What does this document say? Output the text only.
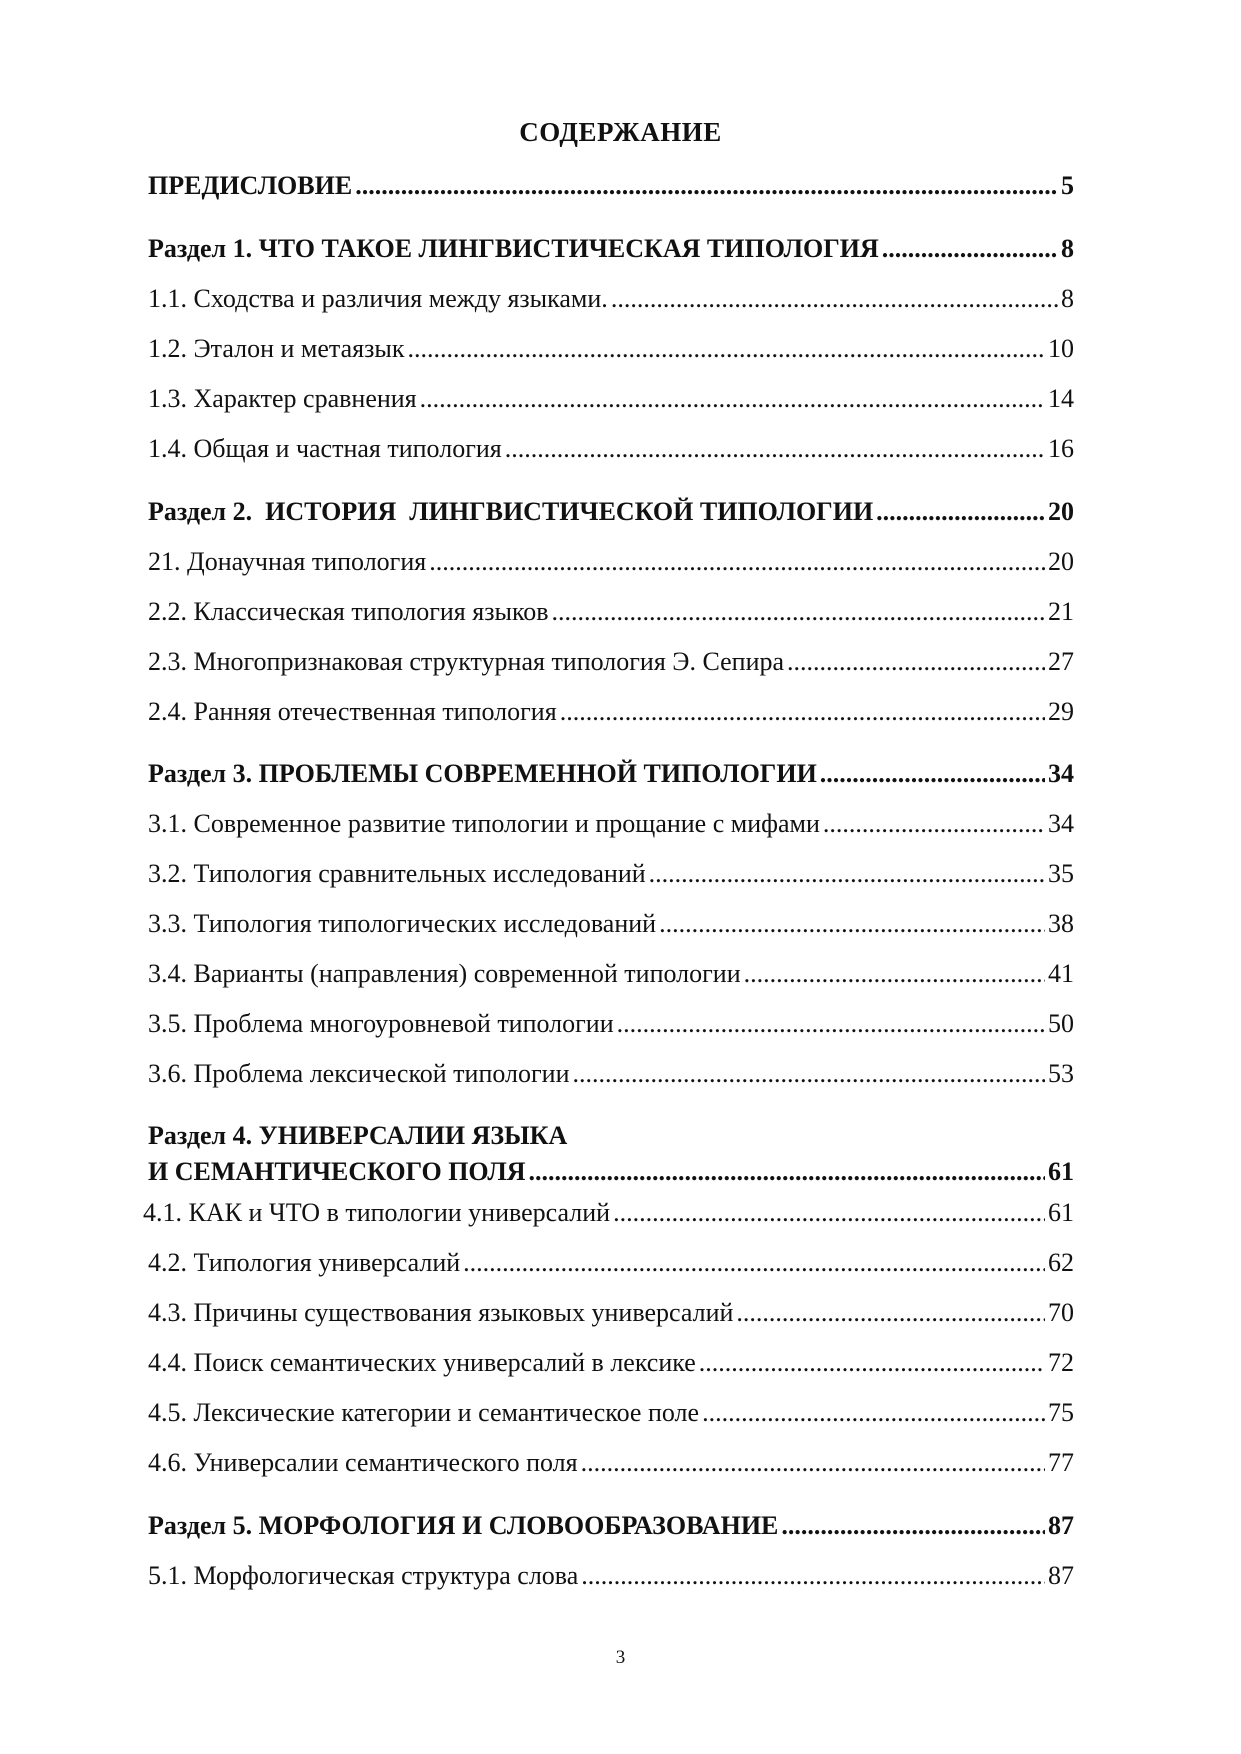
СОДЕРЖАНИЕ
ПРЕДИСЛОВИЕ .....	5
Раздел 1. ЧТО ТАКОЕ ЛИНГВИСТИЧЕСКАЯ ТИПОЛОГИЯ .....	8
1.1. Сходства и различия между языками. .....	8
1.2. Эталон и метаязык .....	10
1.3. Характер сравнения .....	14
1.4. Общая и частная типология .....	16
Раздел 2.  ИСТОРИЯ  ЛИНГВИСТИЧЕСКОЙ ТИПОЛОГИИ .....	20
21. Донаучная типология .....	20
2.2. Классическая типология языков .....	21
2.3. Многопризнаковая структурная типология Э. Сепира .....	27
2.4. Ранняя отечественная типология .....	29
Раздел 3. ПРОБЛЕМЫ СОВРЕМЕННОЙ ТИПОЛОГИИ .....	34
3.1. Современное развитие типологии и прощание с мифами .....	34
3.2. Типология сравнительных исследований .....	35
3.3. Типология типологических исследований .....	38
3.4. Варианты (направления) современной типологии .....	41
3.5. Проблема многоуровневой типологии .....	50
3.6. Проблема лексической типологии .....	53
Раздел 4. УНИВЕРСАЛИИ ЯЗЫКА
И СЕМАНТИЧЕСКОГО ПОЛЯ .....	61
4.1. КАК и ЧТО в типологии универсалий .....	61
4.2. Типология универсалий .....	62
4.3. Причины существования языковых универсалий .....	70
4.4. Поиск семантических универсалий в лексике .....	72
4.5. Лексические категории и семантическое поле .....	75
4.6. Универсалии семантического поля .....	77
Раздел 5. МОРФОЛОГИЯ И СЛОВООБРАЗОВАНИЕ .....	87
5.1. Морфологическая структура слова .....	87
3
